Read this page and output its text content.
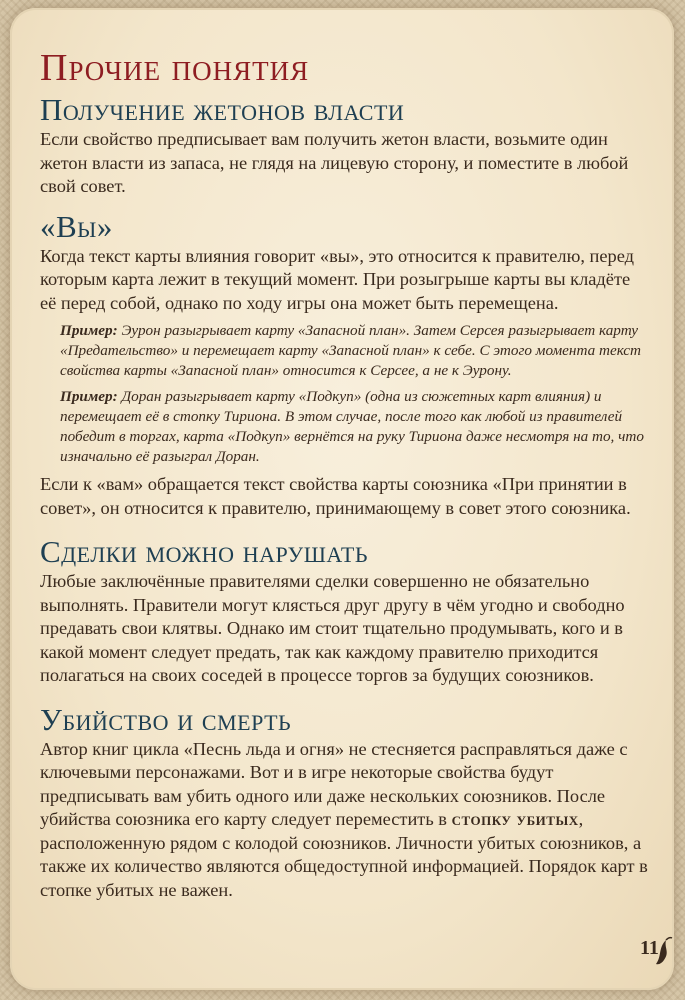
Прочие понятия
Получение жетонов власти

Если свойство предписывает вам получить жетон власти, возьмите один жетон власти из запаса, не глядя на лицевую сторону, и поместите в любой свой совет.

«Вы»

Когда текст карты влияния говорит «вы», это относится к правителю, перед которым карта лежит в текущий момент. При розыгрыше карты вы кладёте её перед собой, однако по ходу игры она может быть перемещена.

Пример: Эурон разыгрывает карту «Запасной план». Затем Серсея разыгрывает карту «Предательство» и перемещает карту «Запасной план» к себе. С этого момента текст свойства карты «Запасной план» относится к Серсее, а не к Эурону.
Пример: Доран разыгрывает карту «Подкуп» (одна из сюжетных карт влияния) и перемещает её в стопку Тириона. В этом случае, после того как любой из правителей победит в торгах, карта «Подкуп» вернётся на руку Тириона даже несмотря на то, что изначально её разыграл Доран.

Если к «вам» обращается текст свойства карты союзника «При принятии в совет», он относится к правителю, принимающему в совет этого союзника.

Сделки можно нарушать

Любые заключённые правителями сделки совершенно не обязательно выполнять. Правители могут клясться друг другу в чём угодно и свободно предавать свои клятвы. Однако им стоит тщательно продумывать, кого и в какой момент следует предать, так как каждому правителю приходится полагаться на своих соседей в процессе торгов за будущих союзников.

Убийство и смерть

Автор книг цикла «Песнь льда и огня» не стесняется расправляться даже с ключевыми персонажами. Вот и в игре некоторые свойства будут предписывать вам убить одного или даже нескольких союзников. После убийства союзника его карту следует переместить в стопку убитых, расположенную рядом с колодой союзников. Личности убитых союзников, а также их количество являются общедоступной информацией. Порядок карт в стопке убитых не важен.

11
